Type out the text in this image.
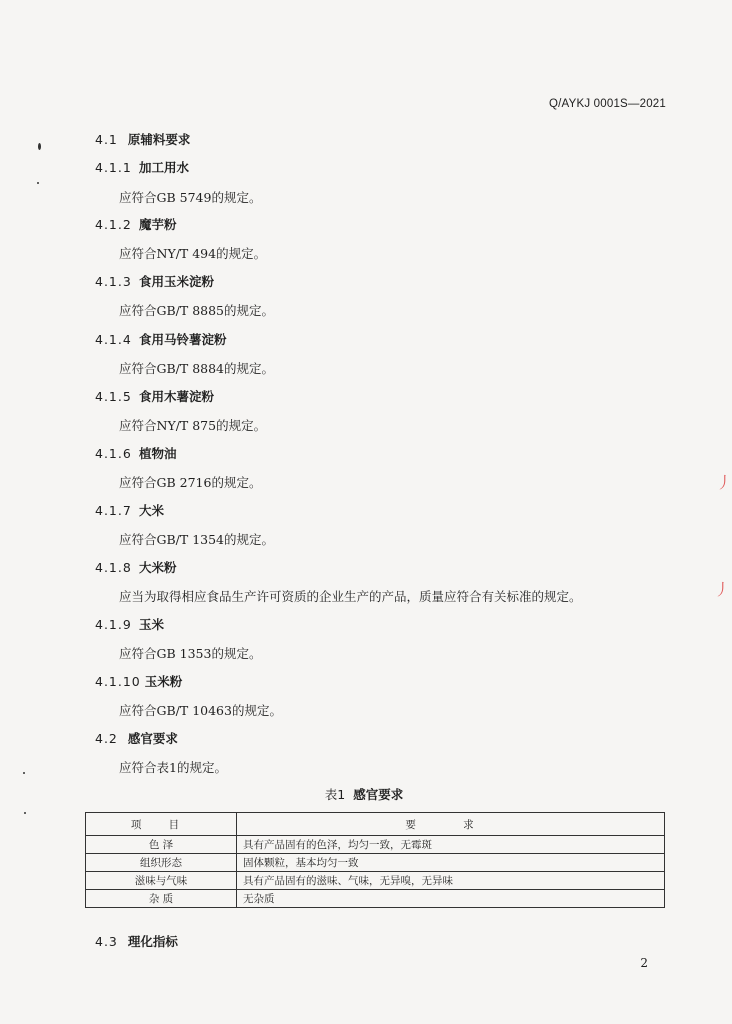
Q/AYKJ 0001S—2021
4.1 原辅料要求
4.1.1 加工用水
应符合GB 5749的规定。
4.1.2 魔芋粉
应符合NY/T 494的规定。
4.1.3 食用玉米淀粉
应符合GB/T 8885的规定。
4.1.4 食用马铃薯淀粉
应符合GB/T 8884的规定。
4.1.5 食用木薯淀粉
应符合NY/T 875的规定。
4.1.6 植物油
应符合GB 2716的规定。
4.1.7 大米
应符合GB/T 1354的规定。
4.1.8 大米粉
应当为取得相应食品生产许可资质的企业生产的产品，质量应符合有关标准的规定。
4.1.9 玉米
应符合GB 1353的规定。
4.1.10 玉米粉
应符合GB/T 10463的规定。
4.2 感官要求
应符合表1的规定。
4.3 理化指标
表1 感官要求
项 目	要 求
色 泽	具有产品固有的色泽，均匀一致，无霉斑
组织形态	固体颗粒，基本均匀一致
滋味与气味	具有产品固有的滋味、气味，无异嗅，无异味
杂 质	无杂质
2
丿
丿
